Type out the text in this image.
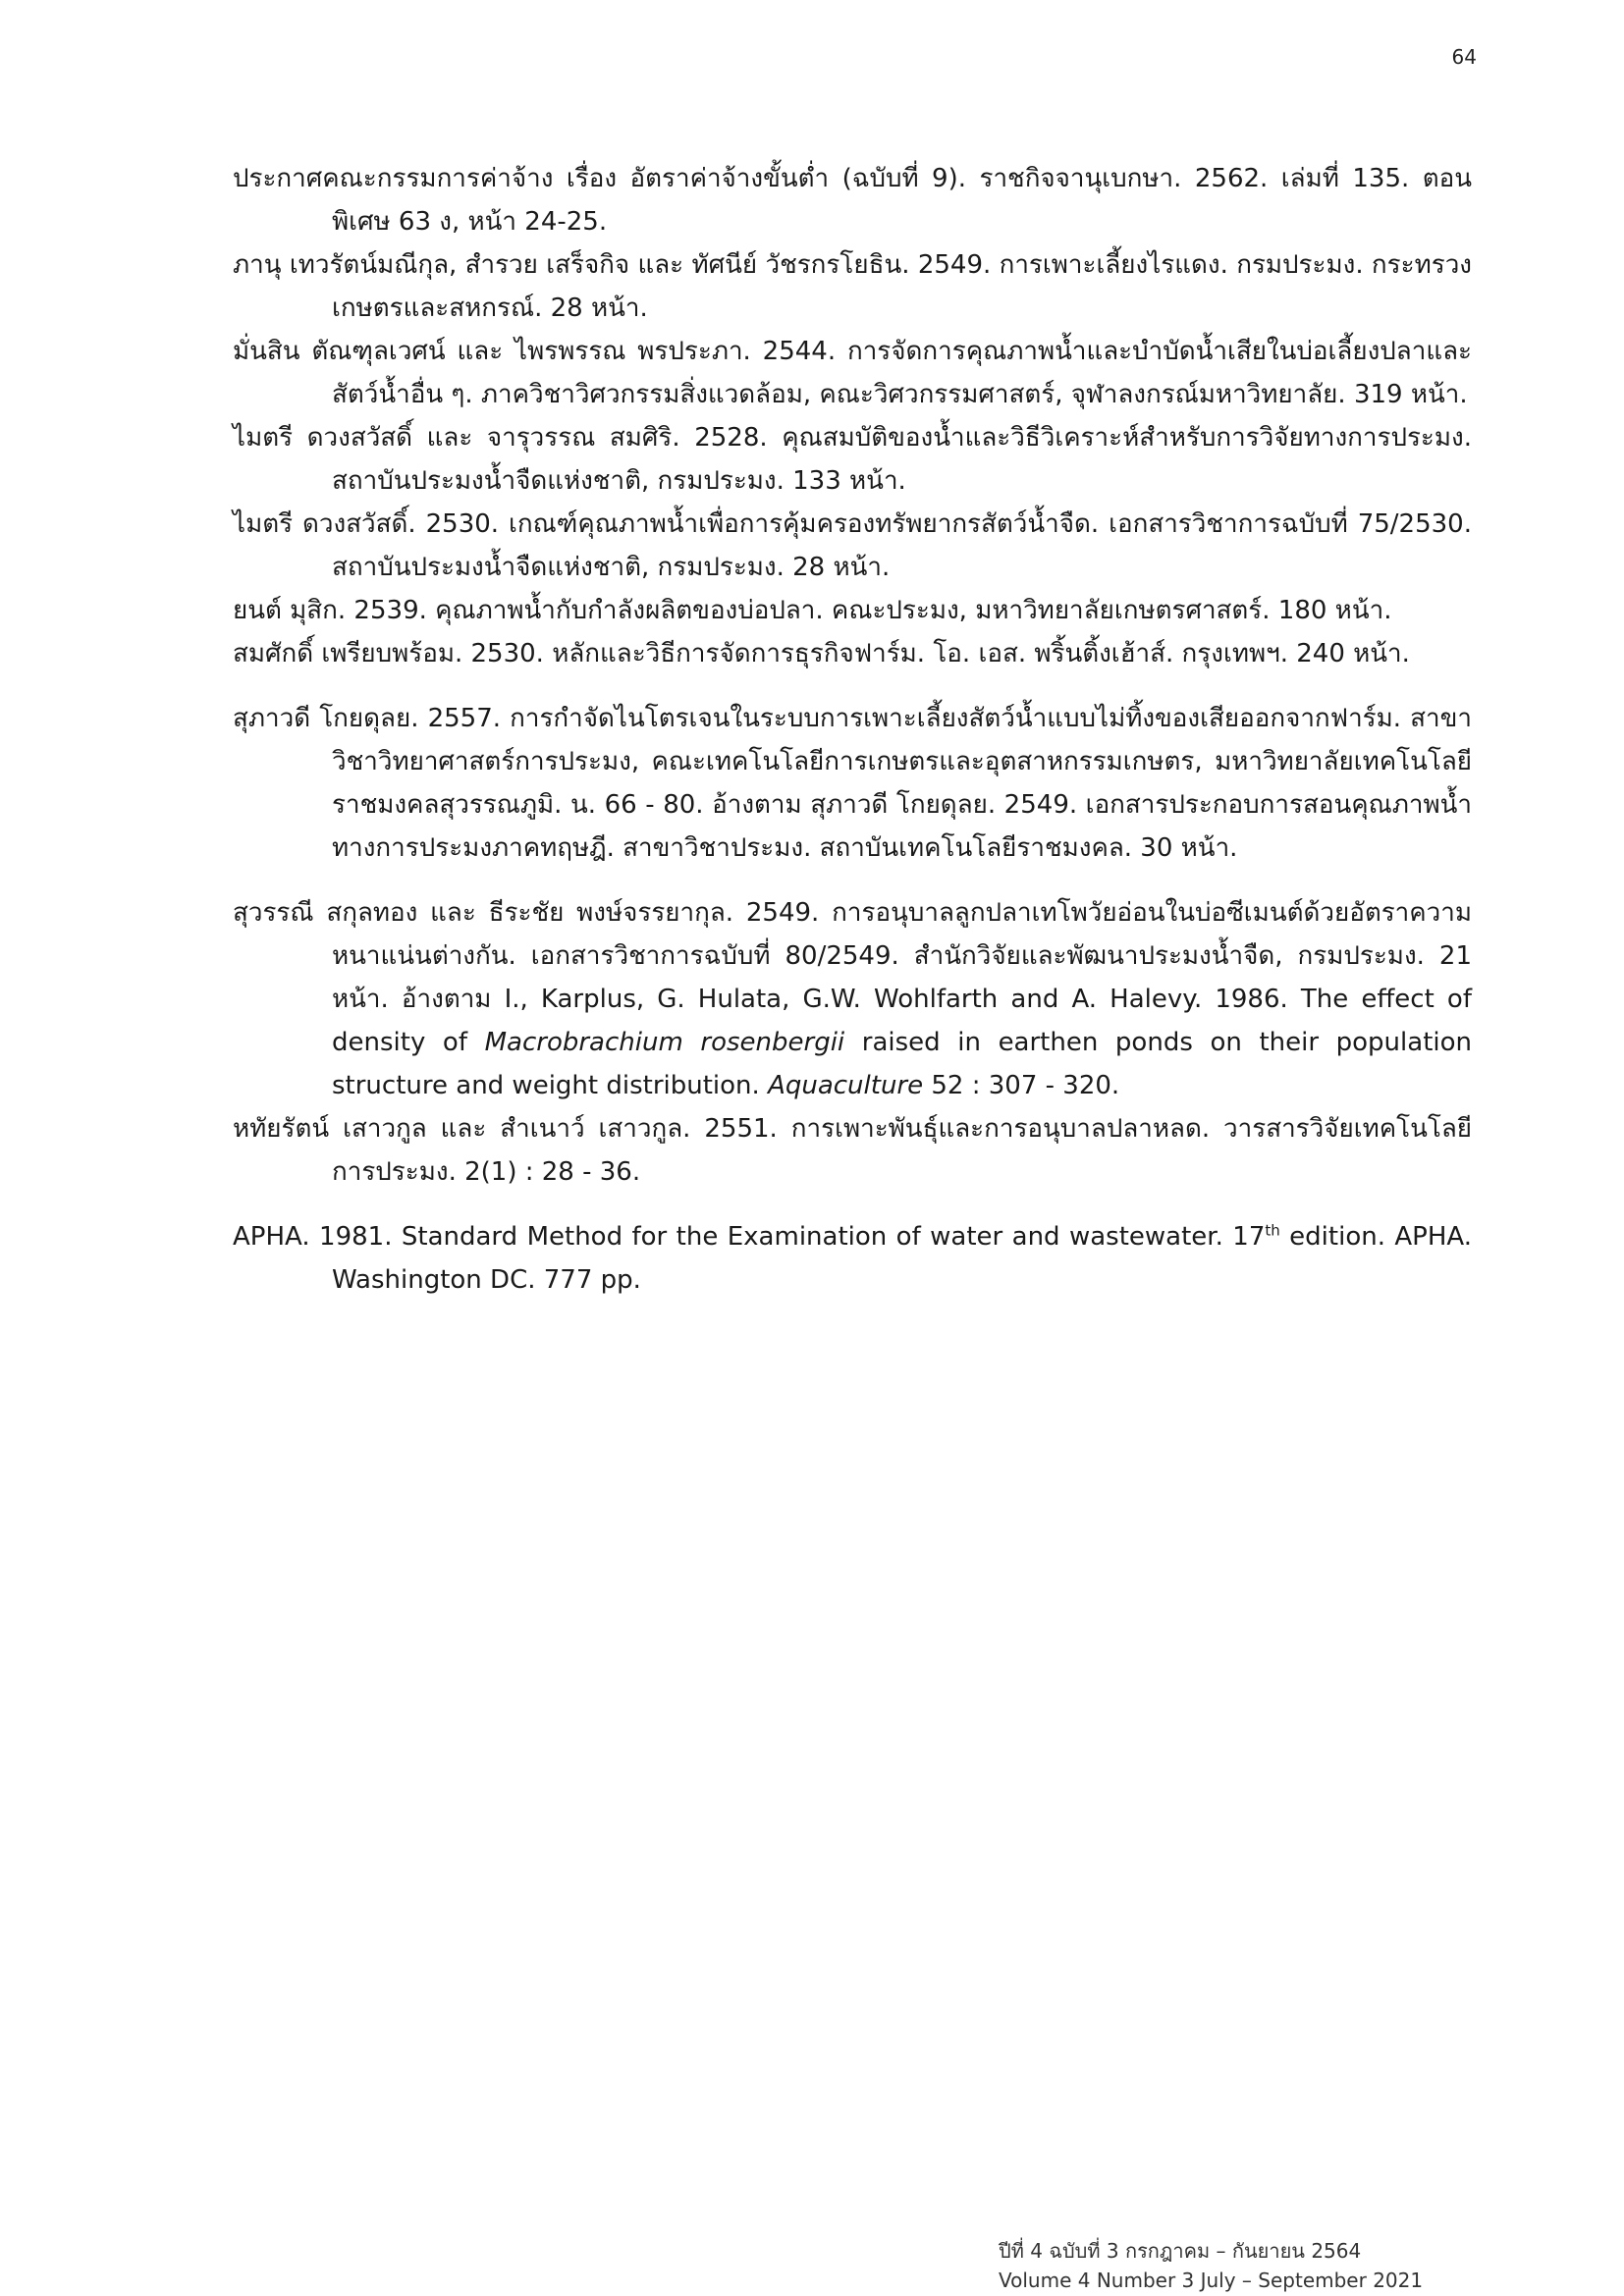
64

ประกาศคณะกรรมการค่าจ้าง เรื่อง อัตราค่าจ้างขั้นต่ำ (ฉบับที่ 9). ราชกิจจานุเบกษา. 2562. เล่มที่ 135. ตอนพิเศษ 63 ง, หน้า 24-25.

ภานุ เทวรัตน์มณีกุล, สำรวย เสร็จกิจ และ ทัศนีย์ วัชรกรโยธิน. 2549. การเพาะเลี้ยงไรแดง. กรมประมง. กระทรวงเกษตรและสหกรณ์. 28 หน้า.

มั่นสิน ตัณฑุลเวศน์ และ ไพรพรรณ พรประภา. 2544. การจัดการคุณภาพน้ำและบำบัดน้ำเสียในบ่อเลี้ยงปลาและสัตว์น้ำอื่น ๆ. ภาควิชาวิศวกรรมสิ่งแวดล้อม, คณะวิศวกรรมศาสตร์, จุฬาลงกรณ์มหาวิทยาลัย. 319 หน้า.

ไมตรี ดวงสวัสดิ์ และ จารุวรรณ สมศิริ. 2528. คุณสมบัติของน้ำและวิธีวิเคราะห์สำหรับการวิจัยทางการประมง. สถาบันประมงน้ำจืดแห่งชาติ, กรมประมง. 133 หน้า.

ไมตรี ดวงสวัสดิ์. 2530. เกณฑ์คุณภาพน้ำเพื่อการคุ้มครองทรัพยากรสัตว์น้ำจืด. เอกสารวิชาการฉบับที่ 75/2530. สถาบันประมงน้ำจืดแห่งชาติ, กรมประมง. 28 หน้า.

ยนต์ มุสิก. 2539. คุณภาพน้ำกับกำลังผลิตของบ่อปลา. คณะประมง, มหาวิทยาลัยเกษตรศาสตร์. 180 หน้า.

สมศักดิ์ เพรียบพร้อม. 2530. หลักและวิธีการจัดการธุรกิจฟาร์ม. โอ. เอส. พริ้นติ้งเฮ้าส์. กรุงเทพฯ. 240 หน้า.

สุภาวดี โกยดุลย. 2557. การกำจัดไนโตรเจนในระบบการเพาะเลี้ยงสัตว์น้ำแบบไม่ทิ้งของเสียออกจากฟาร์ม. สาขาวิชาวิทยาศาสตร์การประมง, คณะเทคโนโลยีการเกษตรและอุตสาหกรรมเกษตร, มหาวิทยาลัยเทคโนโลยีราชมงคลสุวรรณภูมิ. น. 66 - 80. อ้างตาม สุภาวดี โกยดุลย. 2549. เอกสารประกอบการสอนคุณภาพน้ำทางการประมงภาคทฤษฎี. สาขาวิชาประมง. สถาบันเทคโนโลยีราชมงคล. 30 หน้า.

สุวรรณี สกุลทอง และ ธีระชัย พงษ์จรรยากุล. 2549. การอนุบาลลูกปลาเทโพวัยอ่อนในบ่อซีเมนต์ด้วยอัตราความหนาแน่นต่างกัน. เอกสารวิชาการฉบับที่ 80/2549. สำนักวิจัยและพัฒนาประมงน้ำจืด, กรมประมง. 21 หน้า. อ้างตาม I., Karplus, G. Hulata, G.W. Wohlfarth and A. Halevy. 1986. The effect of density of Macrobrachium rosenbergii raised in earthen ponds on their population structure and weight distribution. Aquaculture 52 : 307 - 320.

หทัยรัตน์ เสาวกูล และ สำเนาว์ เสาวกูล. 2551. การเพาะพันธุ์และการอนุบาลปลาหลด. วารสารวิจัยเทคโนโลยีการประมง. 2(1) : 28 - 36.

APHA. 1981. Standard Method for the Examination of water and wastewater. 17th edition. APHA. Washington DC. 777 pp.

ปีที่ 4 ฉบับที่ 3 กรกฎาคม – กันยายน 2564
Volume 4 Number 3 July – September 2021
